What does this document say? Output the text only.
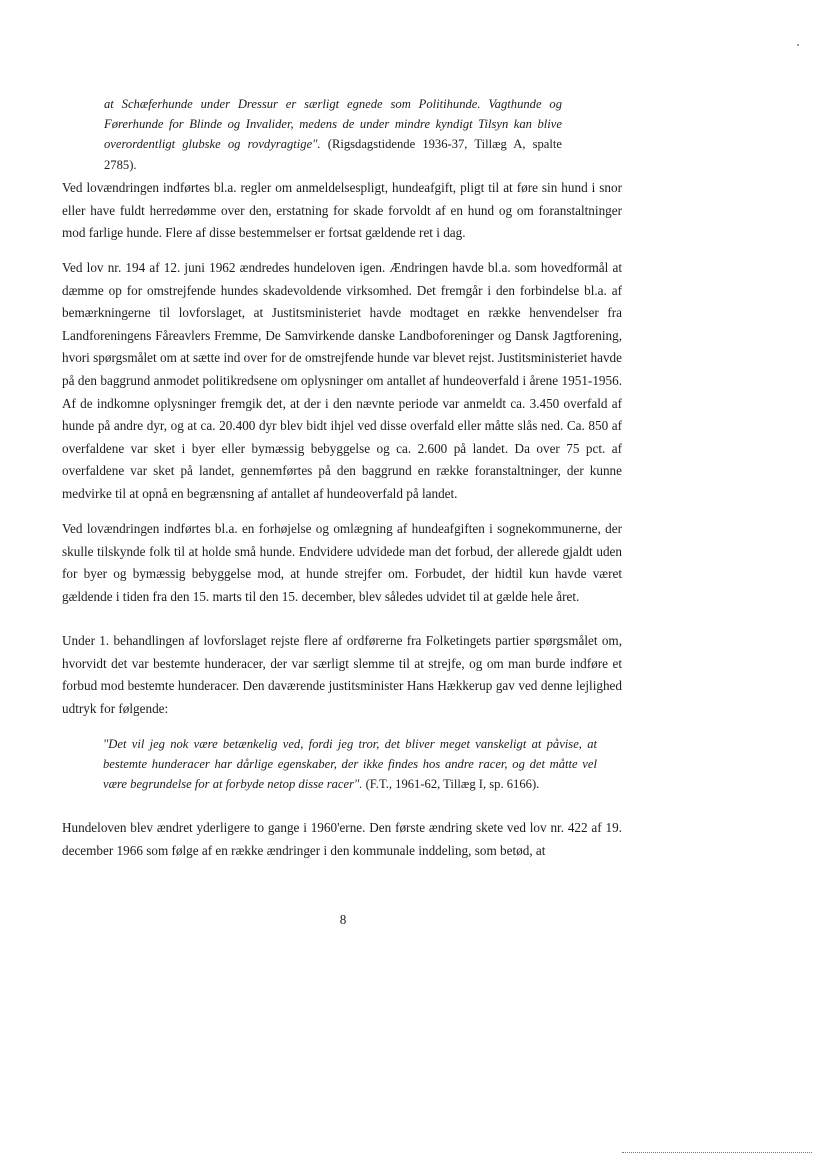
at Schæferhunde under Dressur er særligt egnede som Politihunde. Vagthunde og Førerhunde for Blinde og Invalider, medens de under mindre kyndigt Tilsyn kan blive overordentligt glubske og rovdyragtige". (Rigsdagstidende 1936-37, Tillæg A, spalte 2785).

Ved lovændringen indførtes bl.a. regler om anmeldelsespligt, hundeafgift, pligt til at føre sin hund i snor eller have fuldt herredømme over den, erstatning for skade forvoldt af en hund og om foranstaltninger mod farlige hunde. Flere af disse bestemmelser er fortsat gældende ret i dag.

Ved lov nr. 194 af 12. juni 1962 ændredes hundeloven igen. Ændringen havde bl.a. som hovedformål at dæmme op for omstrejfende hundes skadevoldende virksomhed. Det fremgår i den forbindelse bl.a. af bemærkningerne til lovforslaget, at Justitsministeriet havde modtaget en række henvendelser fra Landforeningens Fåreavlers Fremme, De Samvirkende danske Landboforeninger og Dansk Jagtforening, hvori spørgsmålet om at sætte ind over for de omstrejfende hunde var blevet rejst. Justitsministeriet havde på den baggrund anmodet politikredsene om oplysninger om antallet af hundeoverfald i årene 1951-1956. Af de indkomne oplysninger fremgik det, at der i den nævnte periode var anmeldt ca. 3.450 overfald af hunde på andre dyr, og at ca. 20.400 dyr blev bidt ihjel ved disse overfald eller måtte slås ned. Ca. 850 af overfaldene var sket i byer eller bymæssig bebyggelse og ca. 2.600 på landet. Da over 75 pct. af overfaldene var sket på landet, gennemførtes på den baggrund en række foranstaltninger, der kunne medvirke til at opnå en begrænsning af antallet af hundeoverfald på landet.

Ved lovændringen indførtes bl.a. en forhøjelse og omlægning af hundeafgiften i sognekommunerne, der skulle tilskynde folk til at holde små hunde. Endvidere udvidede man det forbud, der allerede gjaldt uden for byer og bymæssig bebyggelse mod, at hunde strejfer om. Forbudet, der hidtil kun havde været gældende i tiden fra den 15. marts til den 15. december, blev således udvidet til at gælde hele året.

Under 1. behandlingen af lovforslaget rejste flere af ordførerne fra Folketingets partier spørgsmålet om, hvorvidt det var bestemte hunderacer, der var særligt slemme til at strejfe, og om man burde indføre et forbud mod bestemte hunderacer. Den daværende justitsminister Hans Hækkerup gav ved denne lejlighed udtryk for følgende:

"Det vil jeg nok være betænkelig ved, fordi jeg tror, det bliver meget vanskeligt at påvise, at bestemte hunderacer har dårlige egenskaber, der ikke findes hos andre racer, og det måtte vel være begrundelse for at forbyde netop disse racer". (F.T., 1961-62, Tillæg I, sp. 6166).

Hundeloven blev ændret yderligere to gange i 1960'erne. Den første ændring skete ved lov nr. 422 af 19. december 1966 som følge af en række ændringer i den kommunale inddeling, som betød, at

8
